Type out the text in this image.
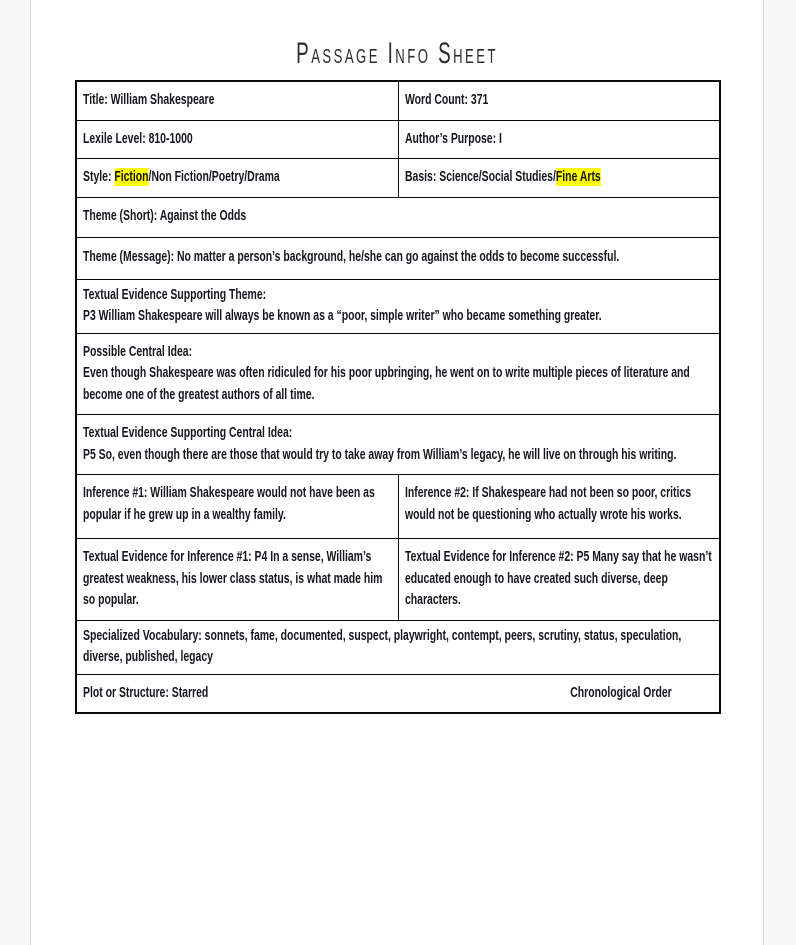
Passage Info Sheet
Title: William Shakespeare	Word Count: 371

Lexile Level: 810-1000	Author’s Purpose: I

Style: Fiction/Non Fiction/Poetry/Drama	Basis: Science/Social Studies/Fine Arts

Theme (Short): Against the Odds	

Theme (Message): No matter a person’s background, he/she can go against the odds to become successful.	

Textual Evidence Supporting Theme:
P3 William Shakespeare will always be known as a “poor, simple writer” who became something greater.	

Possible Central Idea:
Even though Shakespeare was often ridiculed for his poor upbringing, he went on to write multiple pieces of literature and become one of the greatest authors of all time.	

Textual Evidence Supporting Central Idea:
P5 So, even though there are those that would try to take away from William’s legacy, he will live on through his writing.	

Inference #1: William Shakespeare would not have been as popular if he grew up in a wealthy family.	Inference #2: If Shakespeare had not been so poor, critics would not be questioning who actually wrote his works.

Textual Evidence for Inference #1: P4 In a sense, William’s greatest weakness, his lower class status, is what made him so popular.	Textual Evidence for Inference #2: P5 Many say that he wasn’t educated enough to have created such diverse, deep characters.

Specialized Vocabulary: sonnets, fame, documented, suspect, playwright, contempt, peers, scrutiny, status, speculation, diverse, published, legacy	

Plot or Structure: Starred Chronological Order	
